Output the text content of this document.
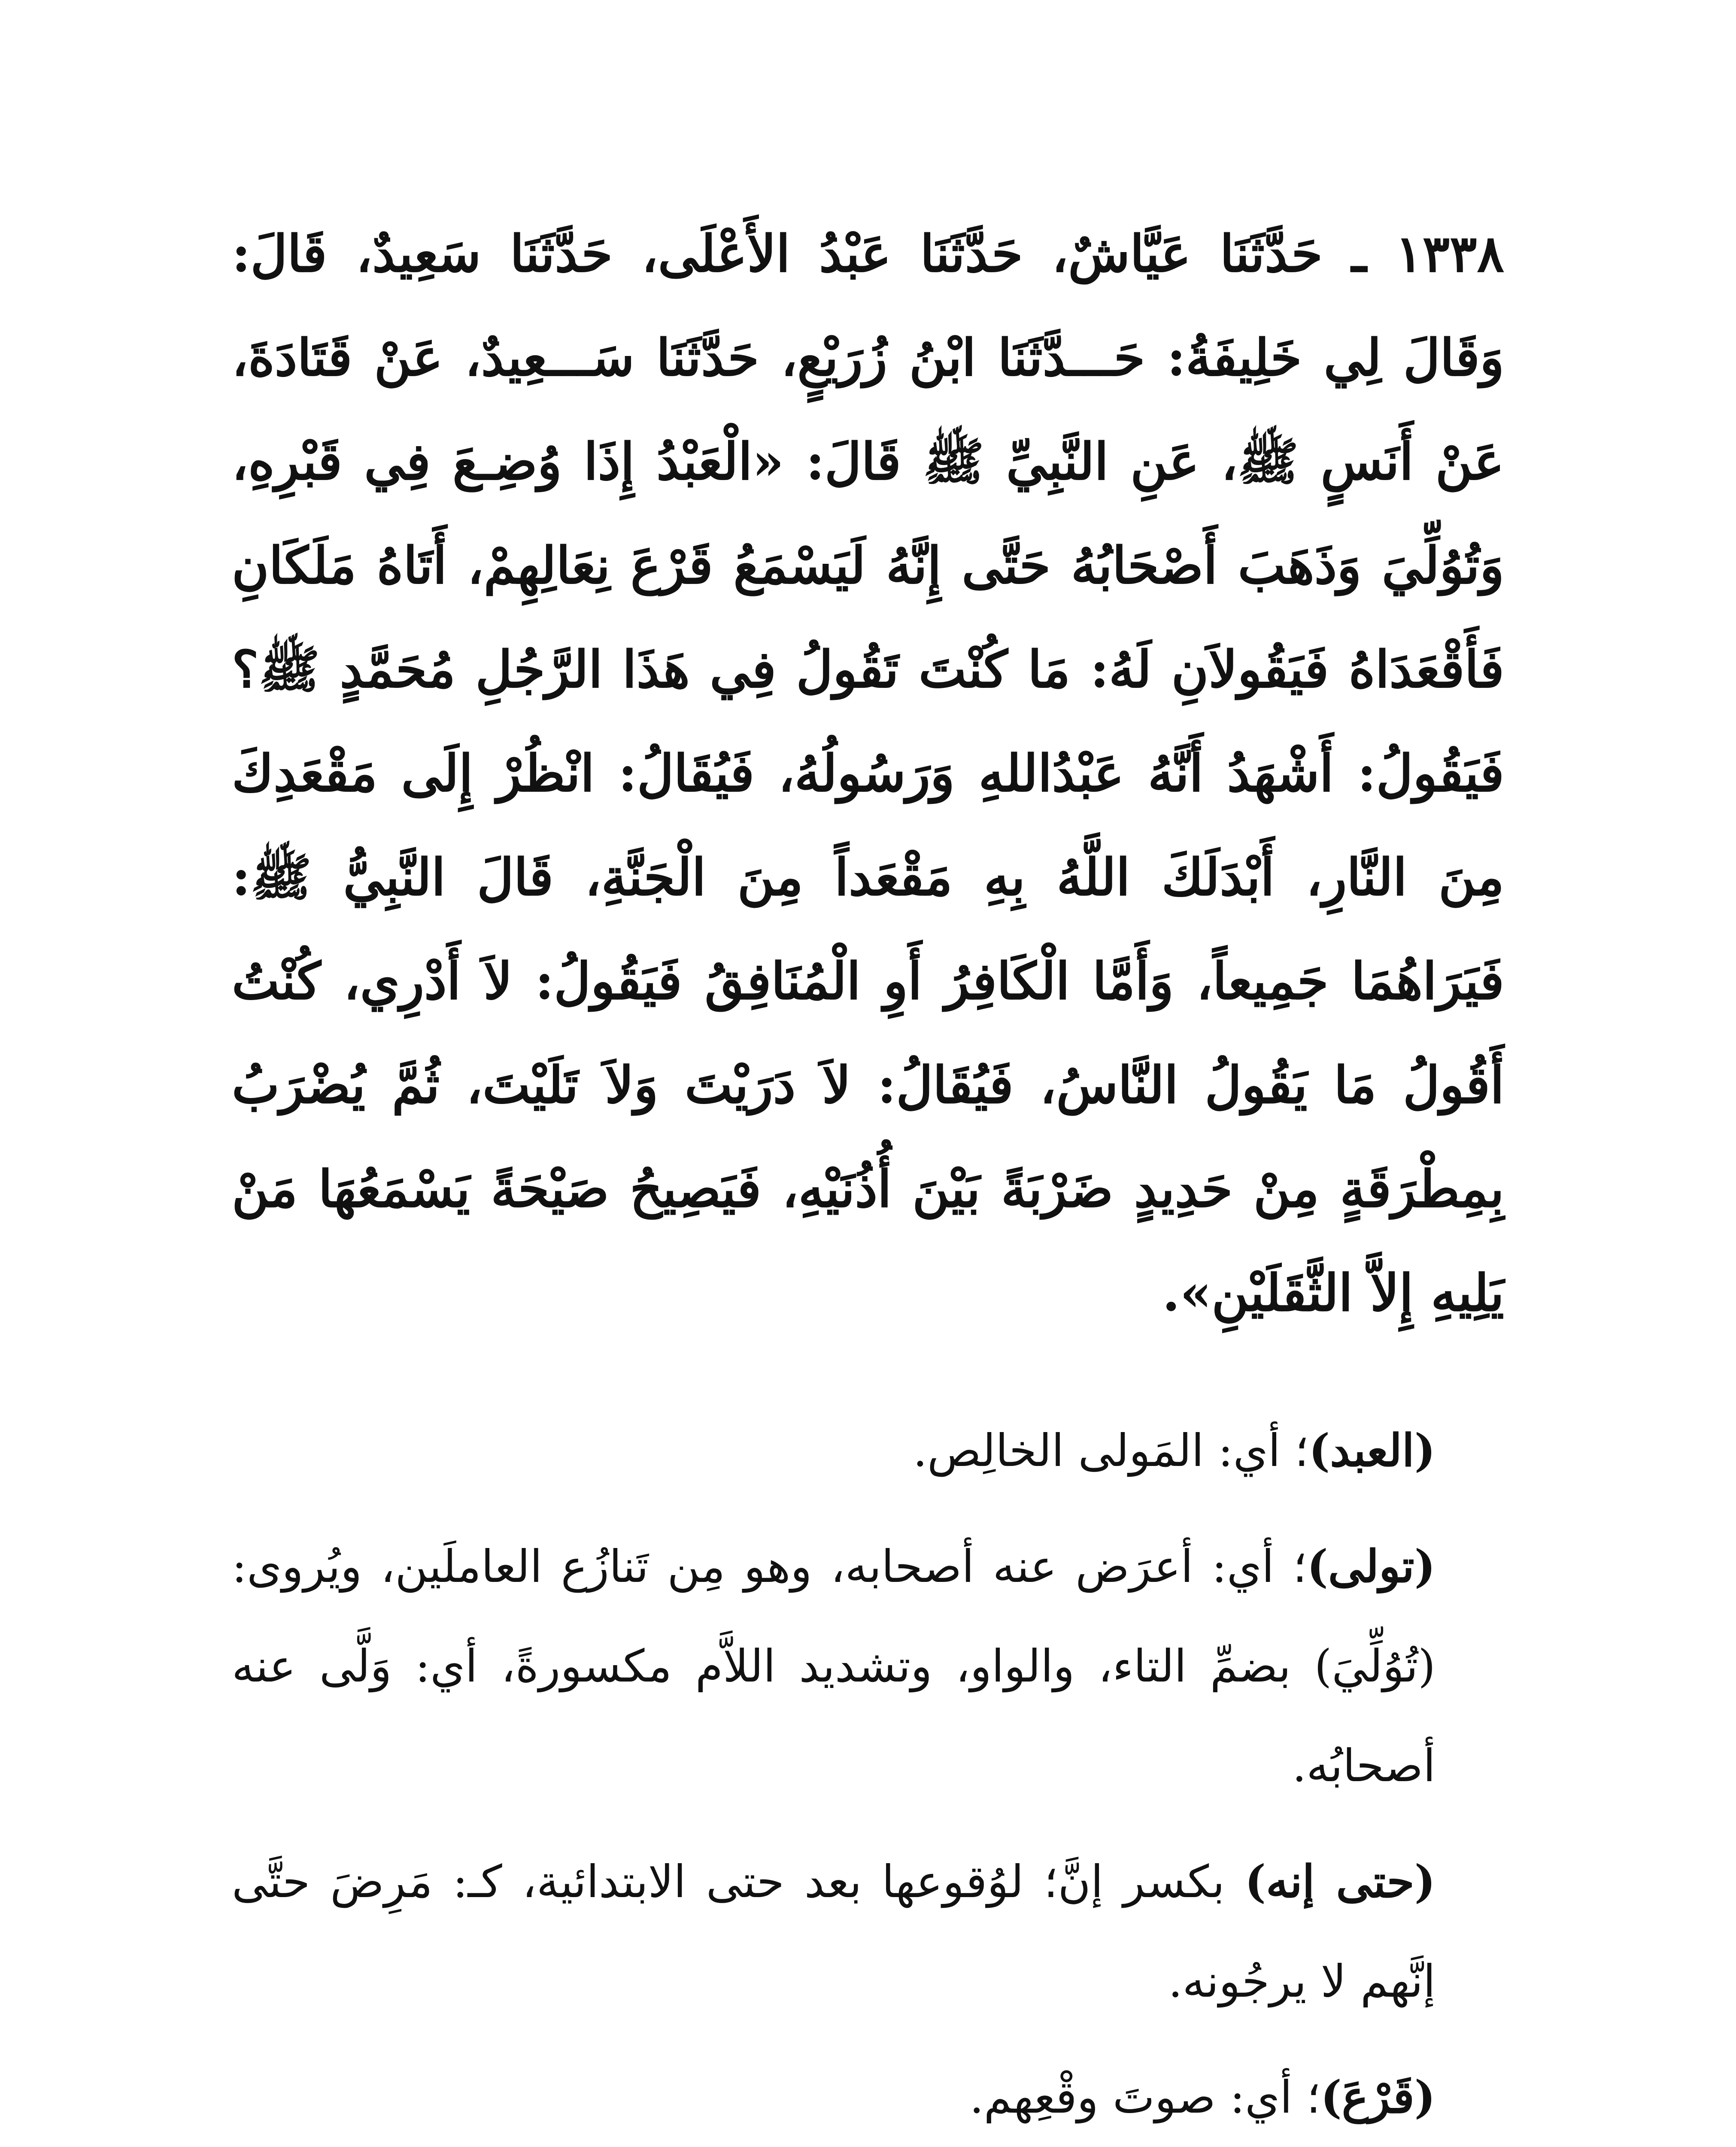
١٣٣٨ ـ حَدَّثَنَا عَيَّاشٌ، حَدَّثَنَا عَبْدُ الأَعْلَى، حَدَّثَنَا سَعِيدٌ، قَالَ: وَقَالَ لِي خَلِيفَةُ: حَـــدَّثَنَا ابْنُ زُرَيْعٍ، حَدَّثَنَا سَـــعِيدٌ، عَنْ قَتَادَةَ، عَنْ أَنَسٍ ﷺ، عَنِ النَّبِيِّ ﷺ قَالَ: «الْعَبْدُ إِذَا وُضِـعَ فِي قَبْرِهِ، وَتُوُلِّيَ وَذَهَبَ أَصْحَابُهُ حَتَّى إِنَّهُ لَيَسْمَعُ قَرْعَ نِعَالِهِمْ، أَتَاهُ مَلَكَانِ فَأَقْعَدَاهُ فَيَقُولاَنِ لَهُ: مَا كُنْتَ تَقُولُ فِي هَذَا الرَّجُلِ مُحَمَّدٍ ﷺ؟ فَيَقُولُ: أَشْهَدُ أَنَّهُ عَبْدُاللهِ وَرَسُولُهُ، فَيُقَالُ: انْظُرْ إِلَى مَقْعَدِكَ مِنَ النَّارِ، أَبْدَلَكَ اللَّهُ بِهِ مَقْعَداً مِنَ الْجَنَّةِ، قَالَ النَّبِيُّ ﷺ: فَيَرَاهُمَا جَمِيعاً، وَأَمَّا الْكَافِرُ أَوِ الْمُنَافِقُ فَيَقُولُ: لاَ أَدْرِي، كُنْتُ أَقُولُ مَا يَقُولُ النَّاسُ، فَيُقَالُ: لاَ دَرَيْتَ وَلاَ تَلَيْتَ، ثُمَّ يُضْرَبُ بِمِطْرَقَةٍ مِنْ حَدِيدٍ ضَرْبَةً بَيْنَ أُذُنَيْهِ، فَيَصِيحُ صَيْحَةً يَسْمَعُهَا مَنْ يَلِيهِ إِلاَّ الثَّقَلَيْنِ».

(العبد)؛ أي: المَولى الخالِص.

(تولى)؛ أي: أعرَض عنه أصحابه، وهو مِن تَنازُع العاملَين، ويُروى: (تُوُلِّيَ) بضمِّ التاء، والواو، وتشديد اللاَّم مكسورةً، أي: وَلَّى عنه أصحابُه.

(حتى إنه) بكسر إنَّ؛ لوُقوعها بعد حتى الابتدائية، كـ: مَرِضَ حتَّى إنَّهم لا يرجُونه.

(قَرْعَ)؛ أي: صوتَ وقْعِهم.
